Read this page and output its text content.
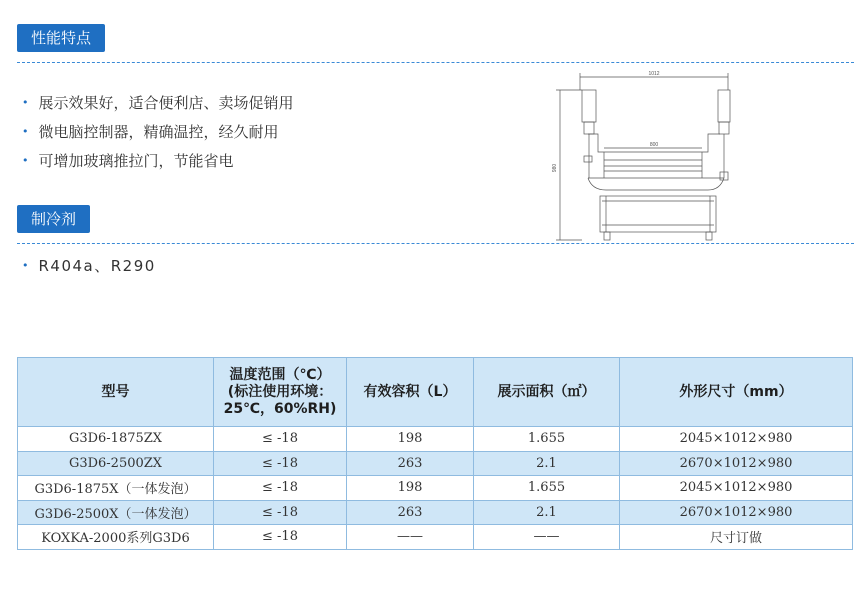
性能特点
• 展示效果好，适合便利店、卖场促销用
• 微电脑控制器，精确温控，经久耐用
• 可增加玻璃推拉门，节能省电
制冷剂
• R404a、R290
1012
800
980
型号	温度范围（℃）
(标注使用环境：
25℃，60%RH)	有效容积（L）	展示面积（㎡）	外形尺寸（mm）
G3D6-1875ZX	≤ -18	198	1.655	2045×1012×980
G3D6-2500ZX	≤ -18	263	2.1	2670×1012×980
G3D6-1875X（一体发泡）	≤ -18	198	1.655	2045×1012×980
G3D6-2500X（一体发泡）	≤ -18	263	2.1	2670×1012×980
KOXKA-2000系列G3D6	≤ -18	——	——	尺寸订做
